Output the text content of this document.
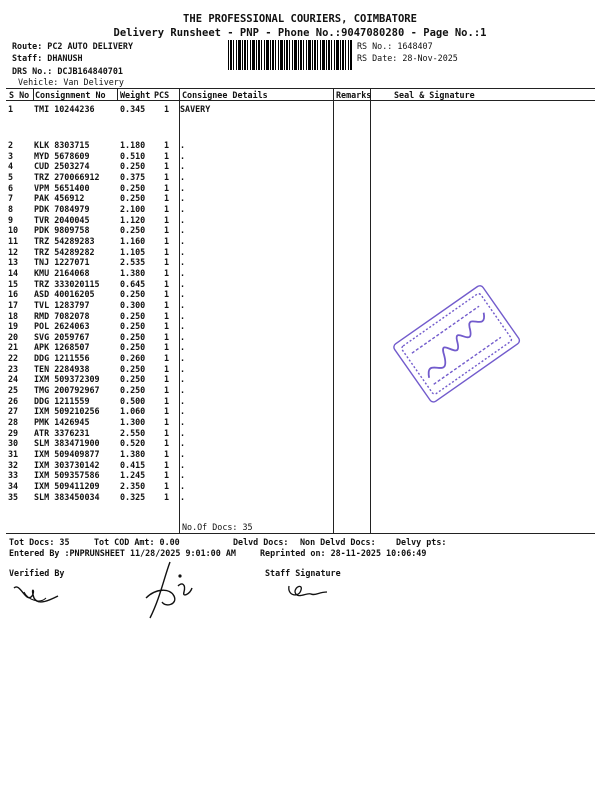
THE PROFESSIONAL COURIERS, COIMBATORE
Delivery Runsheet - PNP - Phone No.:9047080280 - Page No.:1
Route: PC2 AUTO DELIVERY
Staff: DHANUSH
DRS No.: DCJB164840701
Vehicle: Van Delivery
RS No.: 1648407
RS Date: 28-Nov-2025
S No Consignment No Weight PCS Consignee Details	Remarks	Seal & Signature
1	TMI 10244236	0.345	1	SAVERY
2	KLK 8303715	1.180	1	.
3	MYD 5678609	0.510	1	.
4	CUD 2503274	0.250	1	.
5	TRZ 270066912	0.375	1	.
6	VPM 5651400	0.250	1	.
7	PAK 456912	0.250	1	.
8	PDK 7084979	2.100	1	.
9	TVR 2040045	1.120	1	.
10	PDK 9809758	0.250	1	.
11	TRZ 54289283	1.160	1	.
12	TRZ 54289282	1.105	1	.
13	TNJ 1227071	2.535	1	.
14	KMU 2164068	1.380	1	.
15	TRZ 333020115	0.645	1	.
16	ASD 40016205	0.250	1	.
17	TVL 1283797	0.300	1	.
18	RMD 7082078	0.250	1	.
19	POL 2624063	0.250	1	.
20	SVG 2059767	0.250	1	.
21	APK 1268507	0.250	1	.
22	DDG 1211556	0.260	1	.
23	TEN 2284938	0.250	1	.
24	IXM 509372309	0.250	1	.
25	TMG 200792967	0.250	1	.
26	DDG 1211559	0.500	1	.
27	IXM 509210256	1.060	1	.
28	PMK 1426945	1.300	1	.
29	ATR 3376231	2.550	1	.
30	SLM 383471900	0.520	1	.
31	IXM 509409877	1.380	1	.
32	IXM 303730142	0.415	1	.
33	IXM 509357586	1.245	1	.
34	IXM 509411209	2.350	1	.
35	SLM 383450034	0.325	1	.
No.Of Docs: 35
Tot Docs: 35	Tot COD Amt: 0.00	Delvd Docs: Non Delvd Docs: Delvy pts:
Entered By :PNPRUNSHEET 11/28/2025 9:01:00 AM	Reprinted on: 28-11-2025 10:06:49
Verified By	Staff Signature
